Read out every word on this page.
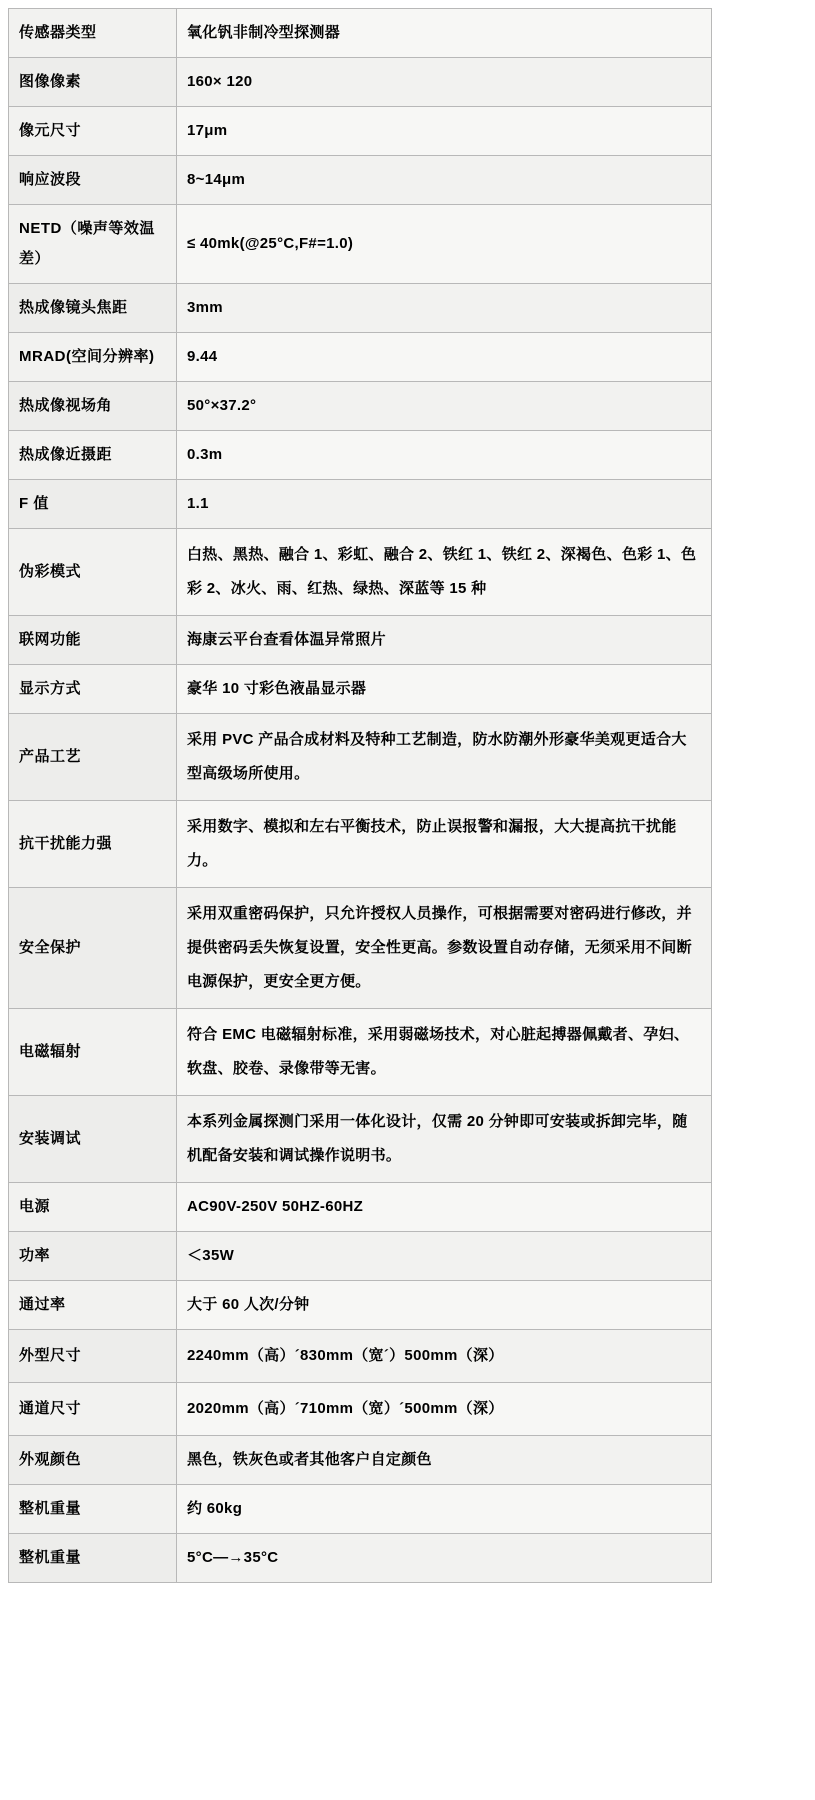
传感器类型	氧化钒非制冷型探测器
图像像素	160× 120
像元尺寸	17μm
响应波段	8~14μm
NETD（噪声等效温差）	≤ 40mk(@25°C,F#=1.0)
热成像镜头焦距	3mm
MRAD(空间分辨率)	9.44
热成像视场角	50°×37.2°
热成像近摄距	0.3m
F 值	1.1
伪彩模式	白热、黑热、融合 1、彩虹、融合 2、铁红 1、铁红 2、深褐色、色彩 1、色彩 2、冰火、雨、红热、绿热、深蓝等 15 种
联网功能	海康云平台查看体温异常照片
显示方式	豪华 10 寸彩色液晶显示器
产品工艺	采用 PVC 产品合成材料及特种工艺制造，防水防潮外形豪华美观更适合大型高级场所使用。
抗干扰能力强	采用数字、模拟和左右平衡技术，防止误报警和漏报，大大提高抗干扰能力。
安全保护	采用双重密码保护，只允许授权人员操作，可根据需要对密码进行修改，并提供密码丢失恢复设置，安全性更高。参数设置自动存储，无须采用不间断电源保护，更安全更方便。
电磁辐射	符合 EMC 电磁辐射标准，采用弱磁场技术，对心脏起搏器佩戴者、孕妇、软盘、胶卷、录像带等无害。
安装调试	本系列金属探测门采用一体化设计，仅需 20 分钟即可安装或拆卸完毕，随机配备安装和调试操作说明书。
电源	AC90V-250V 50HZ-60HZ
功率	＜35W
通过率	大于 60 人次/分钟
外型尺寸	2240mm（高）´830mm（宽´）500mm（深）
通道尺寸	2020mm（高）´710mm（宽）´500mm（深）
外观颜色	黑色，铁灰色或者其他客户自定颜色
整机重量	约 60kg
整机重量	5°C—→35°C
